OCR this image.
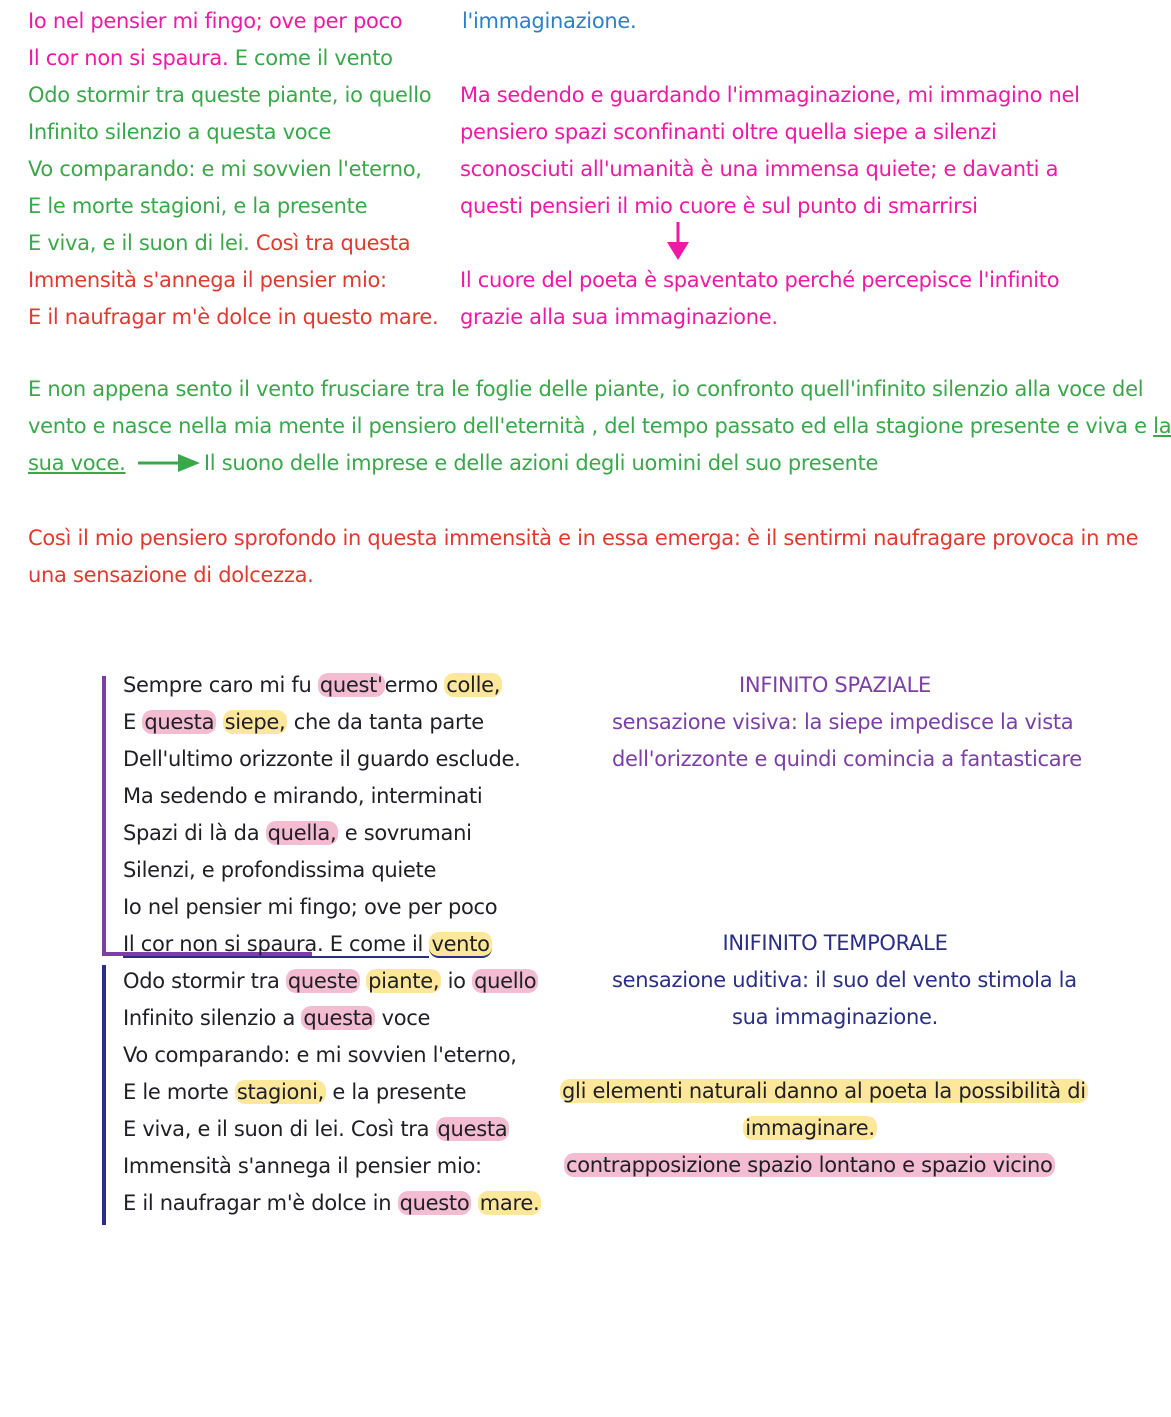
Io nel pensier mi fingo; ove per poco
Il cor non si spaura. E come il vento
Odo stormir tra queste piante, io quello
Infinito silenzio a questa voce
Vo comparando: e mi sovvien l'eterno,
E le morte stagioni, e la presente
E viva, e il suon di lei. Così tra questa
Immensità s'annega il pensier mio:
E il naufragar m'è dolce in questo mare.
l'immaginazione.
Ma sedendo e guardando l'immaginazione, mi immagino nel
pensiero spazi sconfinanti oltre quella siepe a silenzi
sconosciuti all'umanità è una immensa quiete; e davanti a
questi pensieri il mio cuore è sul punto di smarrirsi
Il cuore del poeta è spaventato perché percepisce l'infinito
grazie alla sua immaginazione.
E non appena sento il vento frusciare tra le foglie delle piante, io confronto quell'infinito silenzio alla voce del
vento e nasce nella mia mente il pensiero dell'eternità , del tempo passato ed ella stagione presente e viva e la
sua voce.	Il suono delle imprese e delle azioni degli uomini del suo presente
Così il mio pensiero sprofondo in questa immensità e in essa emerga: è il sentirmi naufragare provoca in me
una sensazione di dolcezza.
Sempre caro mi fu quest'ermo colle,
E questa siepe, che da tanta parte
Dell'ultimo orizzonte il guardo esclude.
Ma sedendo e mirando, interminati
Spazi di là da quella, e sovrumani
Silenzi, e profondissima quiete
Io nel pensier mi fingo; ove per poco
Il cor non si spaura. E come il vento
Odo stormir tra queste piante, io quello
Infinito silenzio a questa voce
Vo comparando: e mi sovvien l'eterno,
E le morte stagioni, e la presente
E viva, e il suon di lei. Così tra questa
Immensità s'annega il pensier mio:
E il naufragar m'è dolce in questo mare.
INFINITO SPAZIALE
sensazione visiva: la siepe impedisce la vista
dell'orizzonte e quindi comincia a fantasticare
INIFINITO TEMPORALE
sensazione uditiva: il suo del vento stimola la
sua immaginazione.
gli elementi naturali danno al poeta la possibilità di
immaginare.
contrapposizione spazio lontano e spazio vicino
